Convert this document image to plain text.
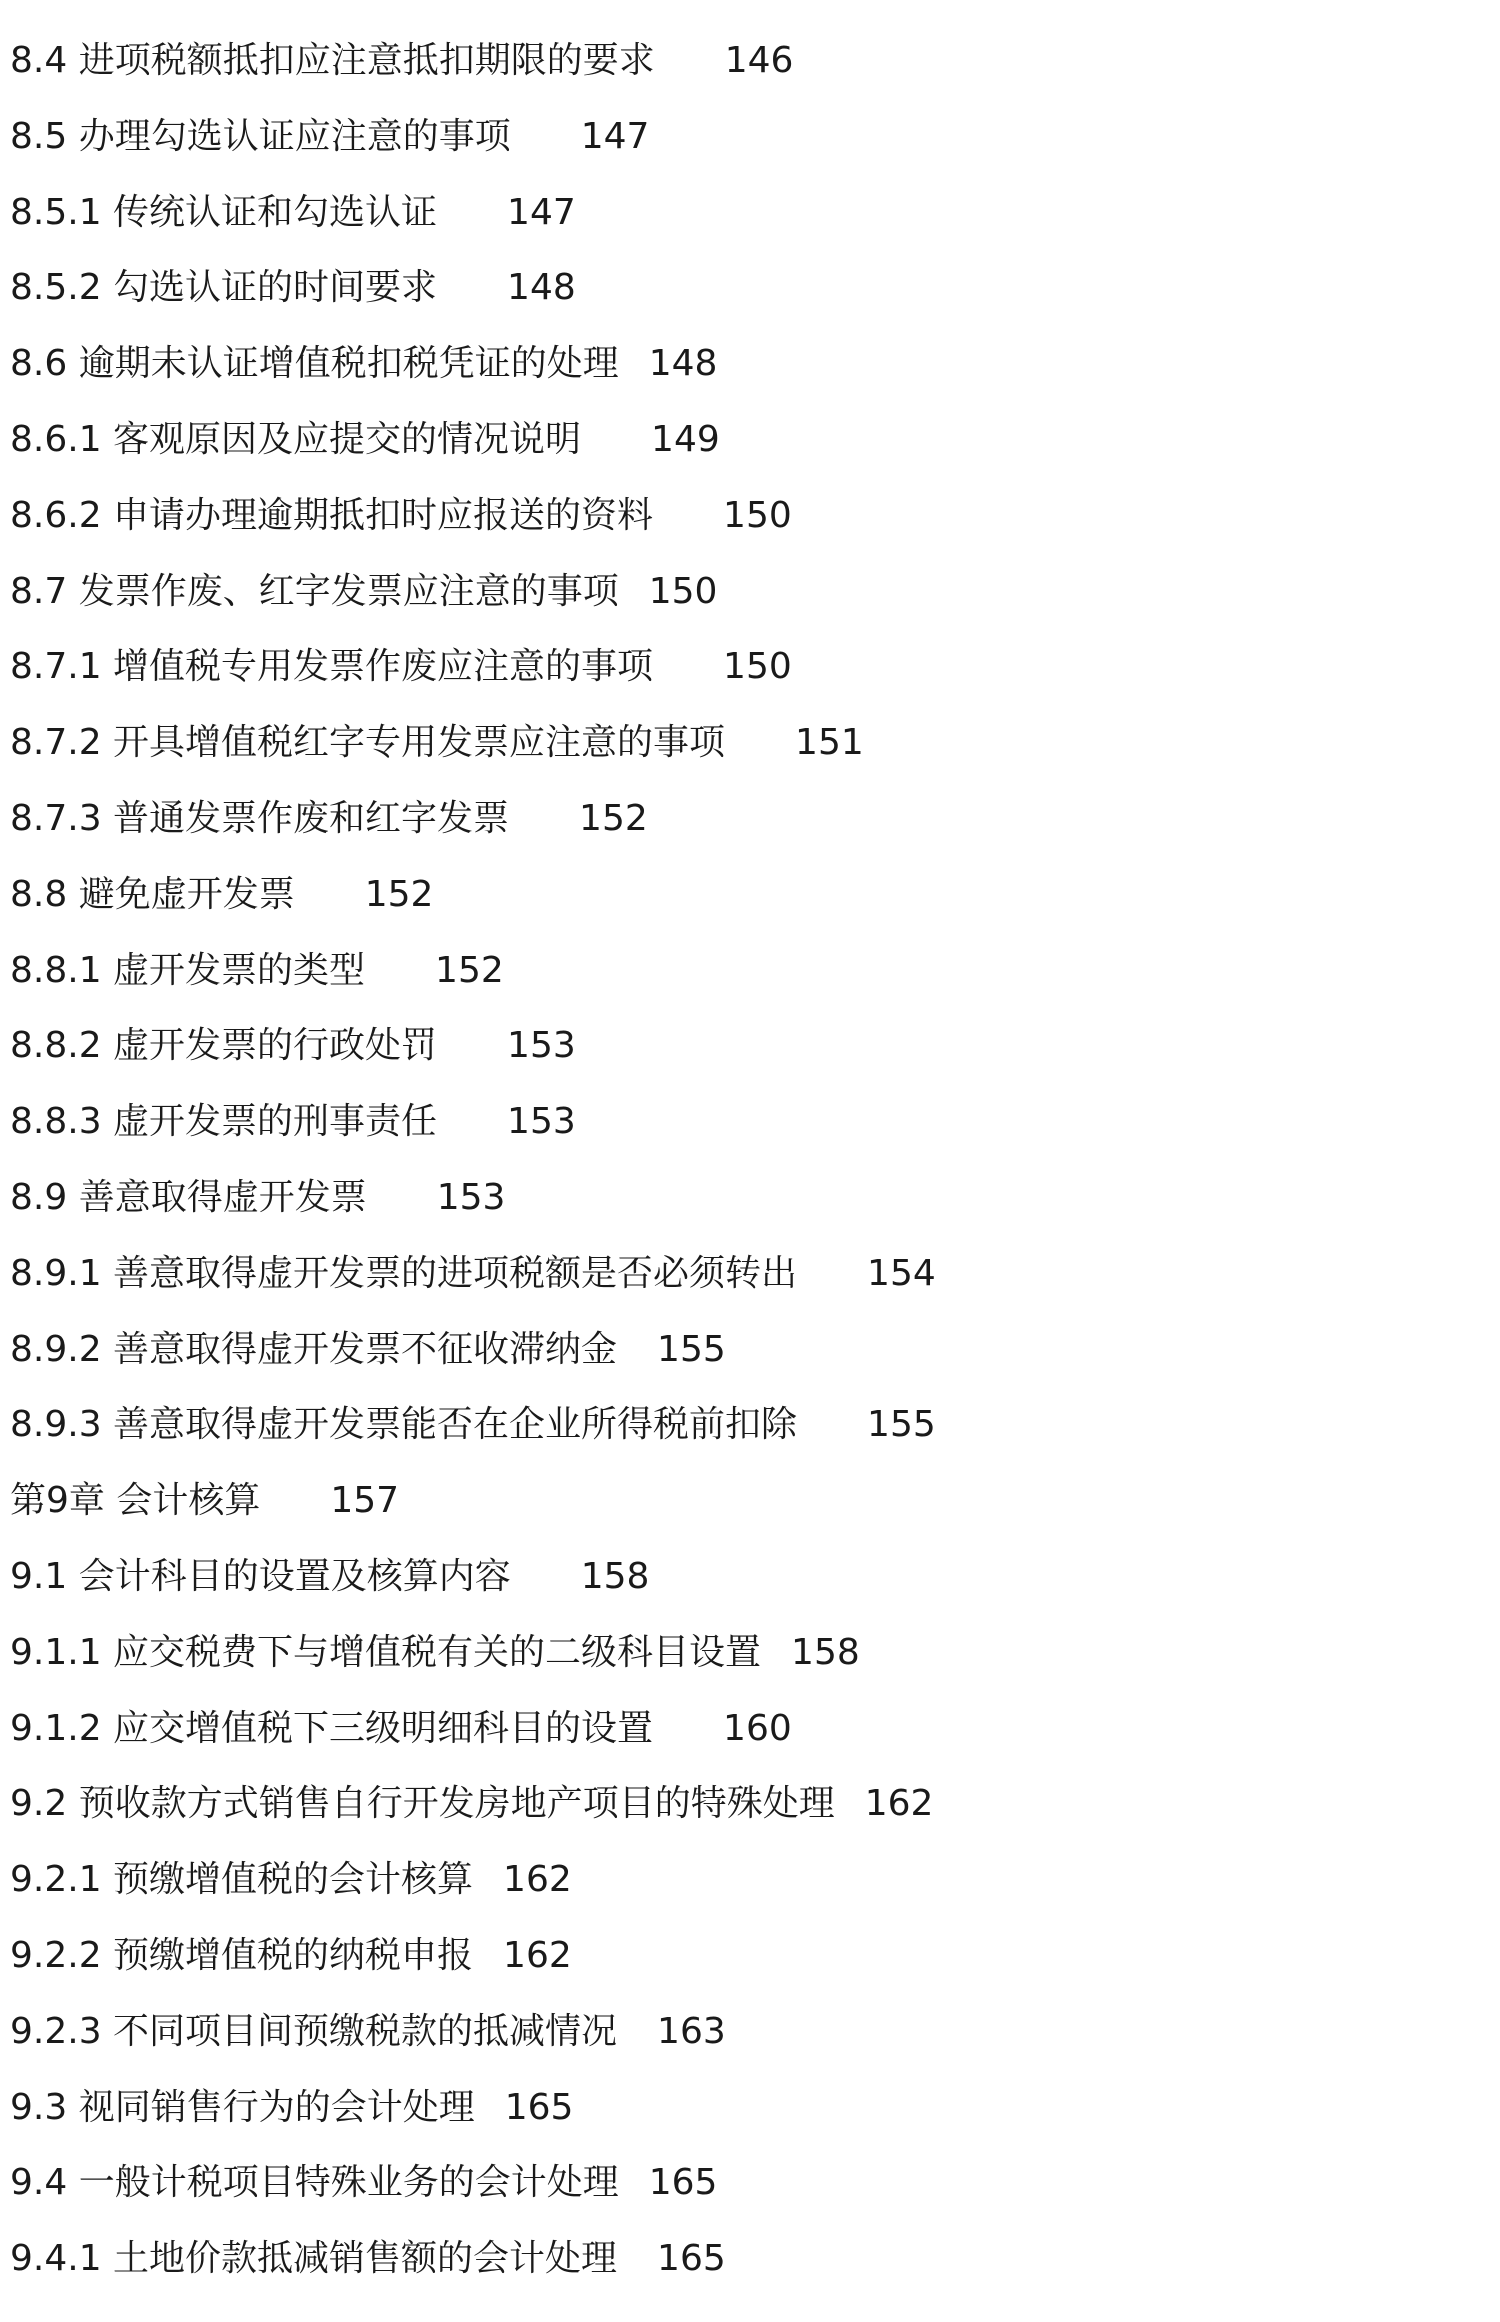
8.4 进项税额抵扣应注意抵扣期限的要求	146
8.5 办理勾选认证应注意的事项	147
8.5.1 传统认证和勾选认证	147
8.5.2 勾选认证的时间要求	148
8.6 逾期未认证增值税扣税凭证的处理 148
8.6.1 客观原因及应提交的情况说明	149
8.6.2 申请办理逾期抵扣时应报送的资料	150
8.7 发票作废、红字发票应注意的事项 150
8.7.1 增值税专用发票作废应注意的事项	150
8.7.2 开具增值税红字专用发票应注意的事项	151
8.7.3 普通发票作废和红字发票	152
8.8 避免虚开发票	152
8.8.1 虚开发票的类型	152
8.8.2 虚开发票的行政处罚	153
8.8.3 虚开发票的刑事责任	153
8.9 善意取得虚开发票	153
8.9.1 善意取得虚开发票的进项税额是否必须转出	154
8.9.2 善意取得虚开发票不征收滞纳金	155
8.9.3 善意取得虚开发票能否在企业所得税前扣除	155
第9章 会计核算	157
9.1 会计科目的设置及核算内容	158
9.1.1 应交税费下与增值税有关的二级科目设置 158
9.1.2 应交增值税下三级明细科目的设置	160
9.2 预收款方式销售自行开发房地产项目的特殊处理 162
9.2.1 预缴增值税的会计核算 162
9.2.2 预缴增值税的纳税申报 162
9.2.3 不同项目间预缴税款的抵减情况	163
9.3 视同销售行为的会计处理 165
9.4 一般计税项目特殊业务的会计处理 165
9.4.1 土地价款抵减销售额的会计处理	165
